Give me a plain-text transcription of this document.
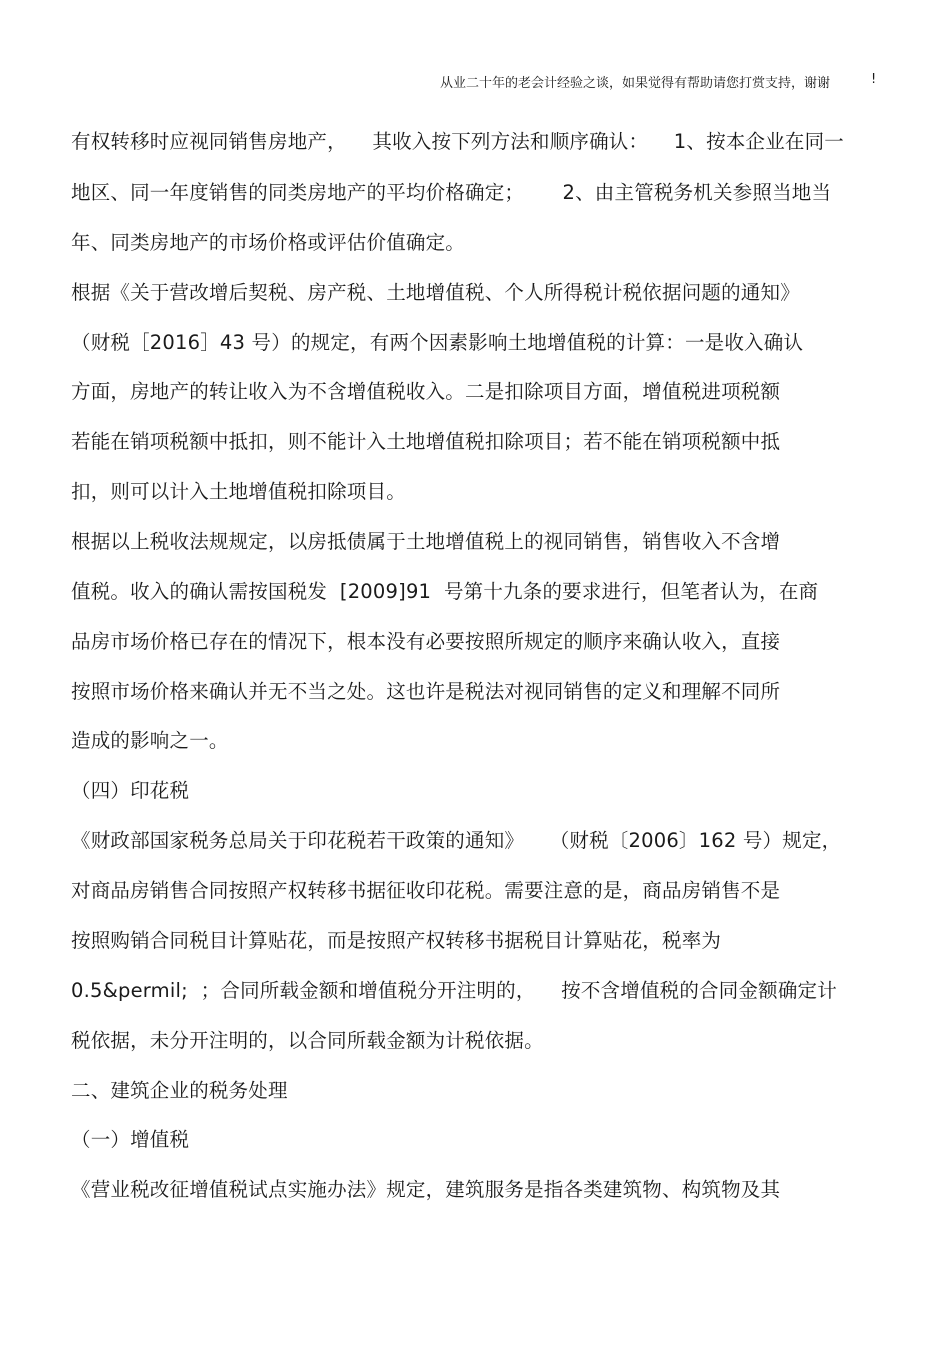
从业二十年的老会计经验之谈，如果觉得有帮助请您打赏支持，谢谢	!
有权转移时应视同销售房地产，    其收入按下列方法和顺序确认：    1、按本企业在同一
地区、同一年度销售的同类房地产的平均价格确定；      2、由主管税务机关参照当地当
年、同类房地产的市场价格或评估价值确定。
根据《关于营改增后契税、房产税、土地增值税、个人所得税计税依据问题的通知》
（财税［2016］43 号）的规定，有两个因素影响土地增值税的计算：一是收入确认
方面，房地产的转让收入为不含增值税收入。二是扣除项目方面，增值税进项税额
若能在销项税额中抵扣，则不能计入土地增值税扣除项目；若不能在销项税额中抵
扣，则可以计入土地增值税扣除项目。
根据以上税收法规规定，以房抵债属于土地增值税上的视同销售，销售收入不含增
值税。收入的确认需按国税发  [2009]91  号第十九条的要求进行，但笔者认为，在商
品房市场价格已存在的情况下，根本没有必要按照所规定的顺序来确认收入，直接
按照市场价格来确认并无不当之处。这也许是税法对视同销售的定义和理解不同所
造成的影响之一。
（四）印花税
《财政部国家税务总局关于印花税若干政策的通知》    （财税〔2006〕162 号）规定，
对商品房销售合同按照产权转移书据征收印花税。需要注意的是，商品房销售不是
按照购销合同税目计算贴花，而是按照产权转移书据税目计算贴花，税率为
0.5&permil;  ；合同所载金额和增值税分开注明的，    按不含增值税的合同金额确定计
税依据，未分开注明的，以合同所载金额为计税依据。
二、建筑企业的税务处理
（一）增值税
《营业税改征增值税试点实施办法》规定，建筑服务是指各类建筑物、构筑物及其
